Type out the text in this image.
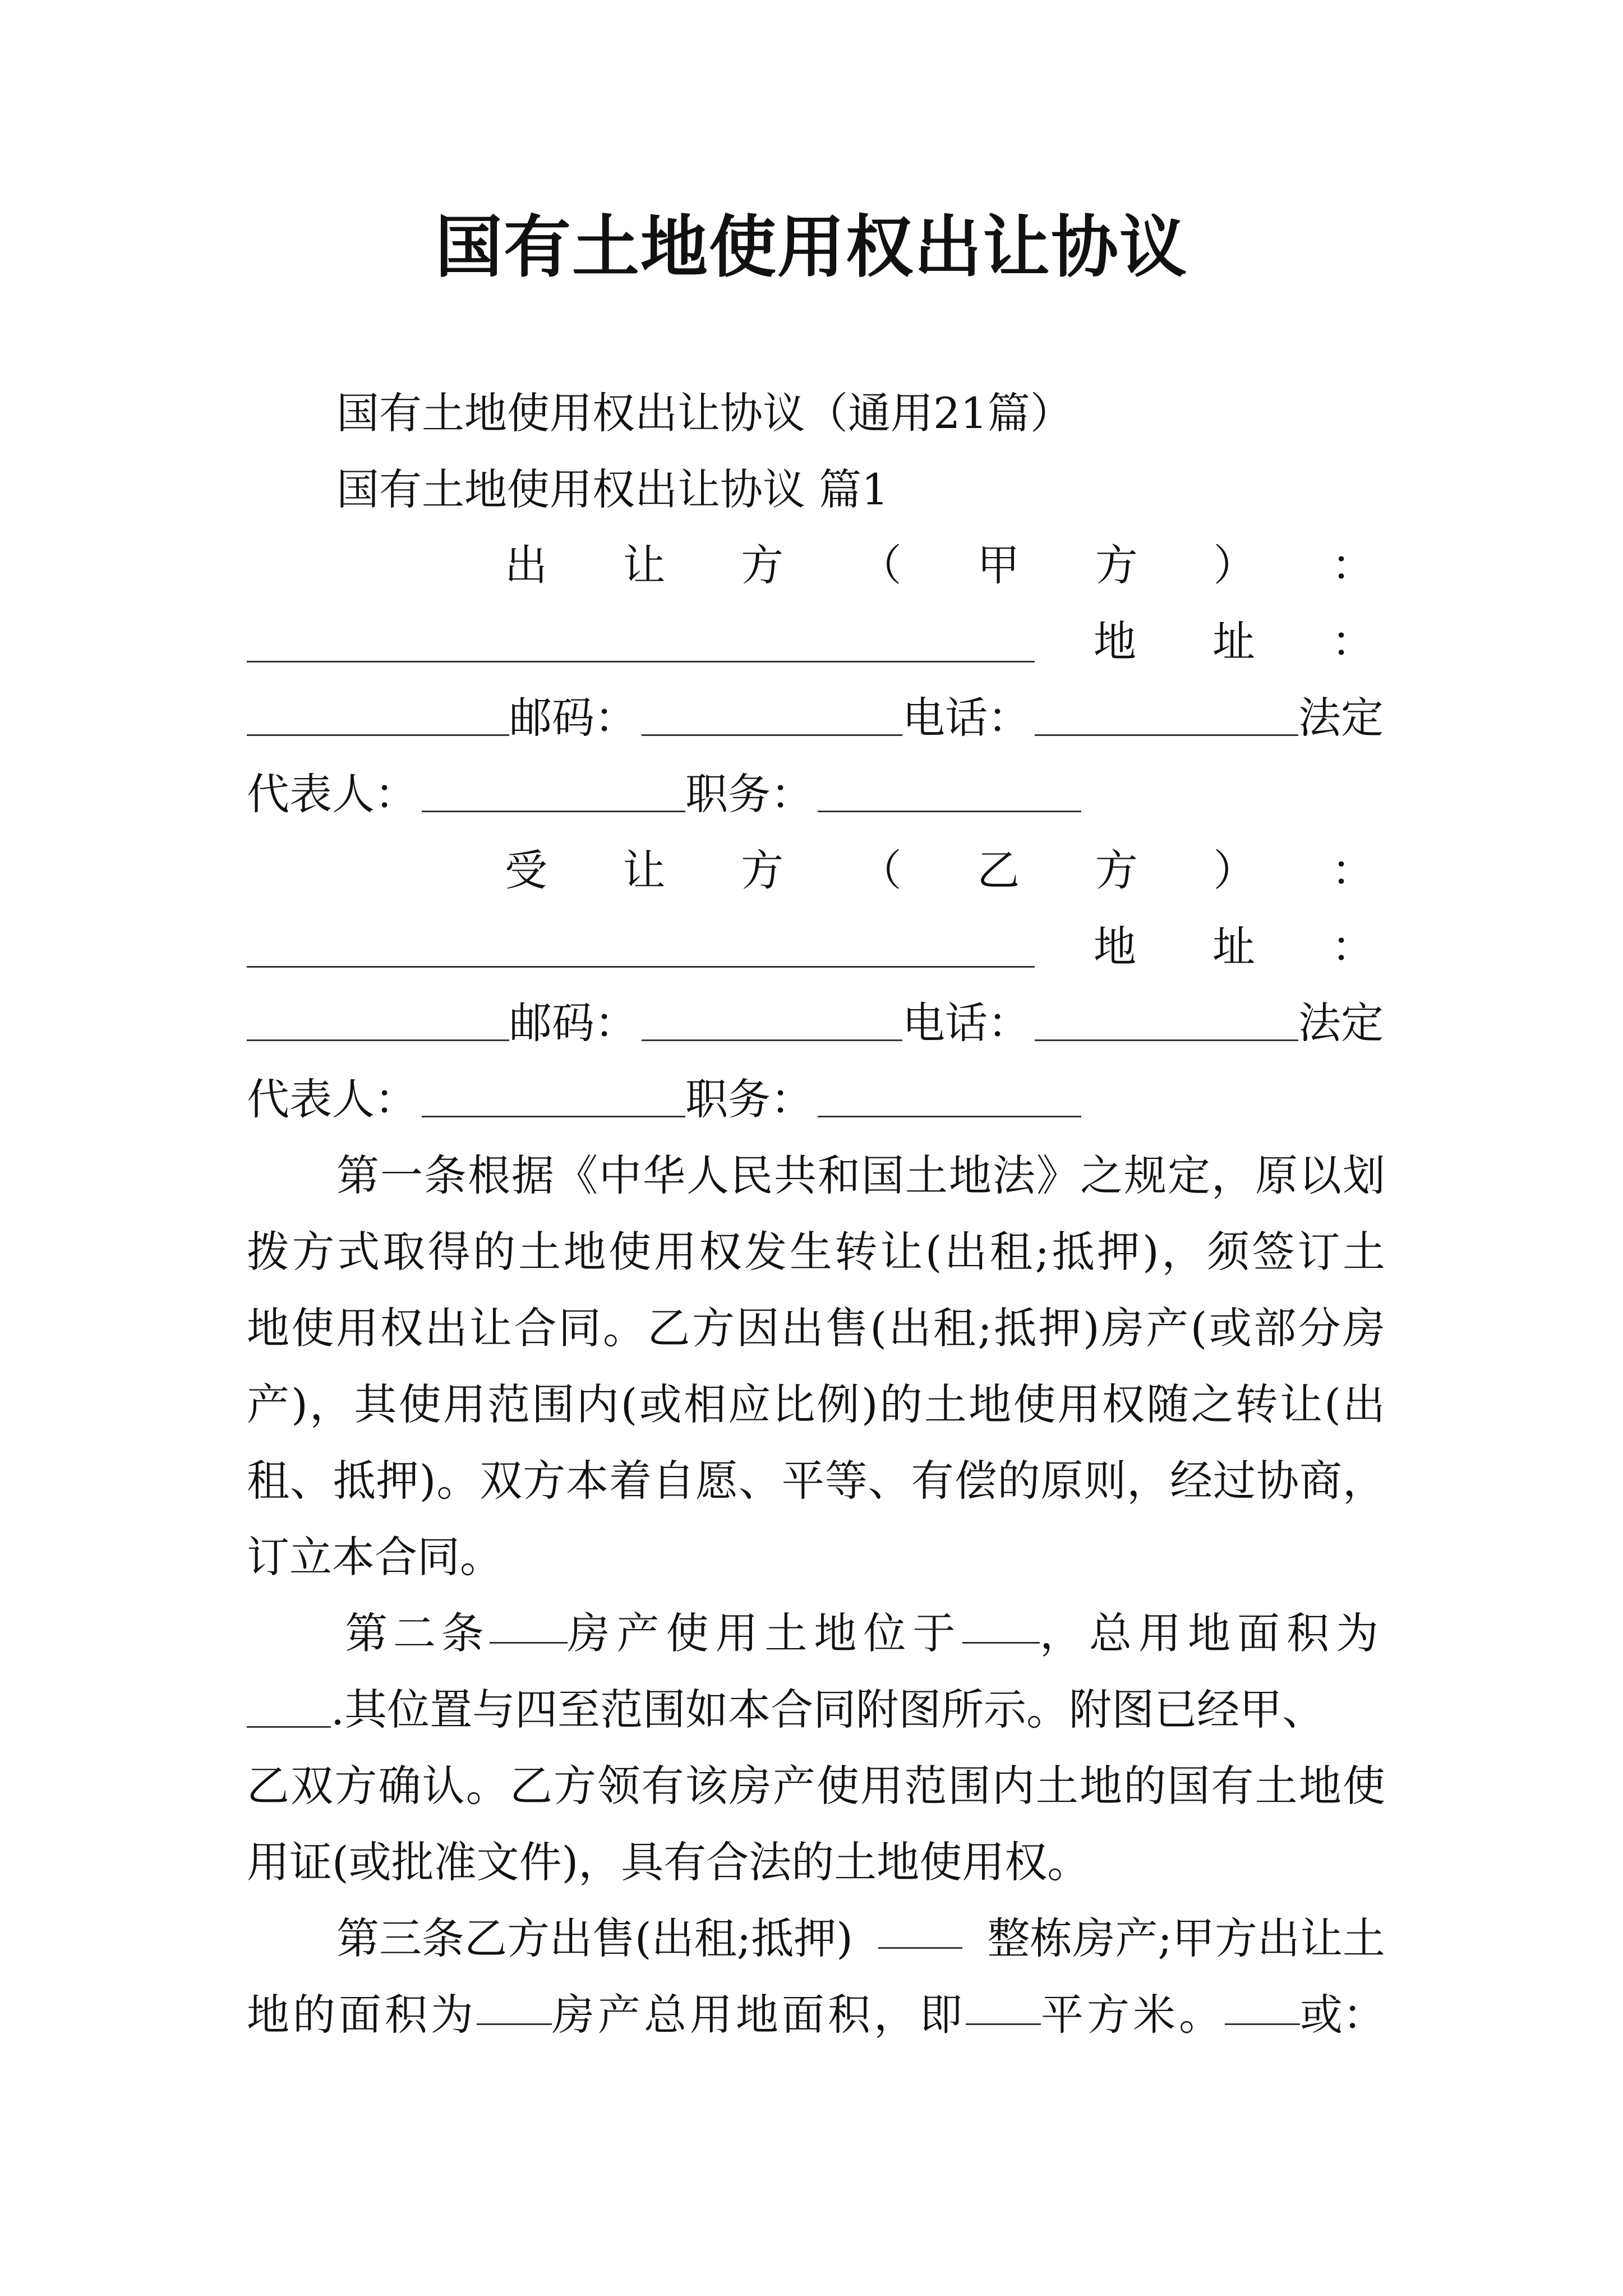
国有土地使用权出让协议
国有土地使用权出让协议（通用21篇）
国有土地使用权出让协议 篇1
出 让 方 （ 甲 方 ） ：
地 址 ：
邮码：	电话：	法定
代表人：	职务：
受 让 方 （ 乙 方 ） ：
地 址 ：
邮码：	电话：	法定
代表人：	职务：
第一条根据《中华人民共和国土地法》之规定，原以划
拨方式取得的土地使用权发生转让(出租;抵押)，须签订土
地使用权出让合同。乙方因出售(出租;抵押)房产(或部分房
产)，其使用范围内(或相应比例)的土地使用权随之转让(出
租、抵押)。双方本着自愿、平等、有偿的原则，经过协商，
订立本合同。
第二条 房产使用土地位于 ，总用地面积为
.其位置与四至范围如本合同附图所示。附图已经甲、
乙双方确认。乙方领有该房产使用范围内土地的国有土地使
用证(或批准文件)，具有合法的土地使用权。
第三条乙方出售(出租;抵押)	整栋房产;甲方出让土
地的面积为 房产总用地面积，即 平方米。 或：
